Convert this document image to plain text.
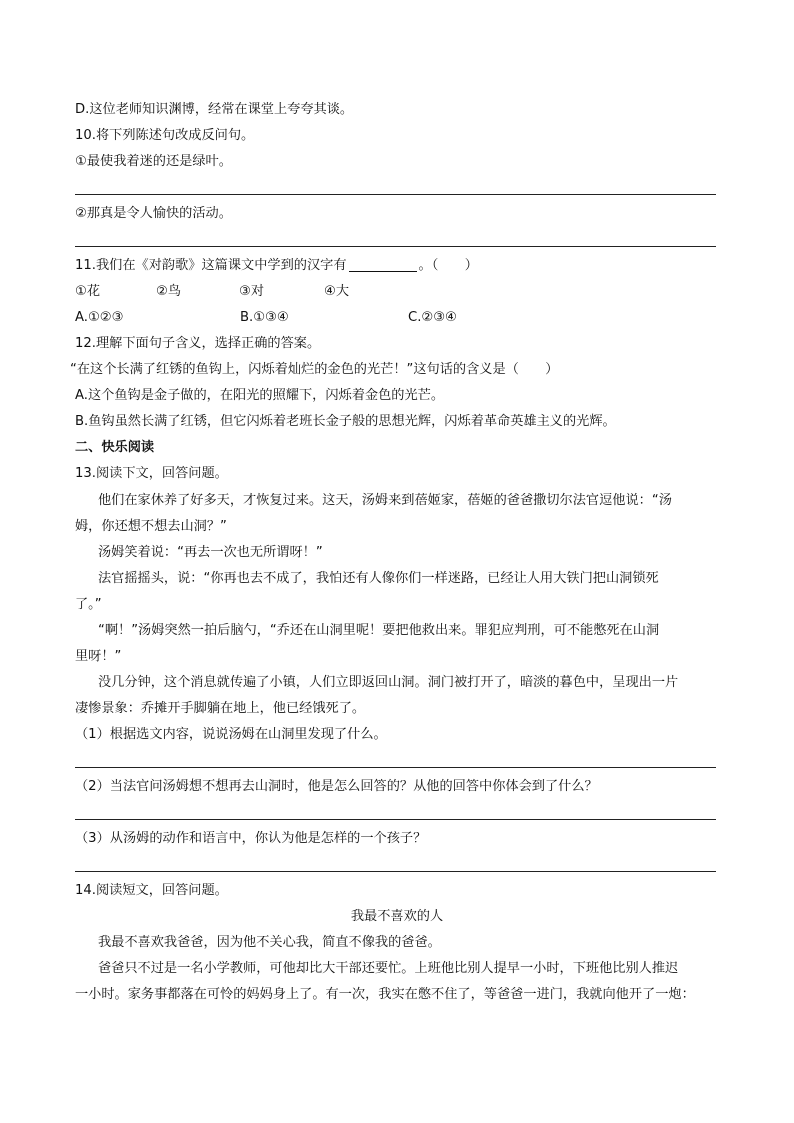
D.这位老师知识渊博，经常在课堂上夸夸其谈。
10.将下列陈述句改成反问句。
①最使我着迷的还是绿叶。
②那真是令人愉快的活动。
11.我们在《对韵歌》这篇课文中学到的汉字有	。（　　）
①花	②鸟	③对	④大
A.①②③	B.①③④	C.②③④
12.理解下面句子含义，选择正确的答案。
“在这个长满了红锈的鱼钩上，闪烁着灿烂的金色的光芒！”这句话的含义是（　　）
A.这个鱼钩是金子做的，在阳光的照耀下，闪烁着金色的光芒。
B.鱼钩虽然长满了红锈，但它闪烁着老班长金子般的思想光辉，闪烁着革命英雄主义的光辉。
二、快乐阅读
13.阅读下文，回答问题。
他们在家休养了好多天，才恢复过来。这天，汤姆来到蓓姬家，蓓姬的爸爸撒切尔法官逗他说：“汤
姆，你还想不想去山洞？”
汤姆笑着说：“再去一次也无所谓呀！”
法官摇摇头，说：“你再也去不成了，我怕还有人像你们一样迷路，已经让人用大铁门把山洞锁死
了。”
“啊！”汤姆突然一拍后脑勺，“乔还在山洞里呢！要把他救出来。罪犯应判刑，可不能憋死在山洞
里呀！”
没几分钟，这个消息就传遍了小镇，人们立即返回山洞。洞门被打开了，暗淡的暮色中，呈现出一片
凄惨景象：乔摊开手脚躺在地上，他已经饿死了。
（1）根据选文内容，说说汤姆在山洞里发现了什么。
（2）当法官问汤姆想不想再去山洞时，他是怎么回答的？从他的回答中你体会到了什么？
（3）从汤姆的动作和语言中，你认为他是怎样的一个孩子？
14.阅读短文，回答问题。
我最不喜欢的人
我最不喜欢我爸爸，因为他不关心我，简直不像我的爸爸。
爸爸只不过是一名小学教师，可他却比大干部还要忙。上班他比别人提早一小时，下班他比别人推迟
一小时。家务事都落在可怜的妈妈身上了。有一次，我实在憋不住了，等爸爸一进门，我就向他开了一炮：
